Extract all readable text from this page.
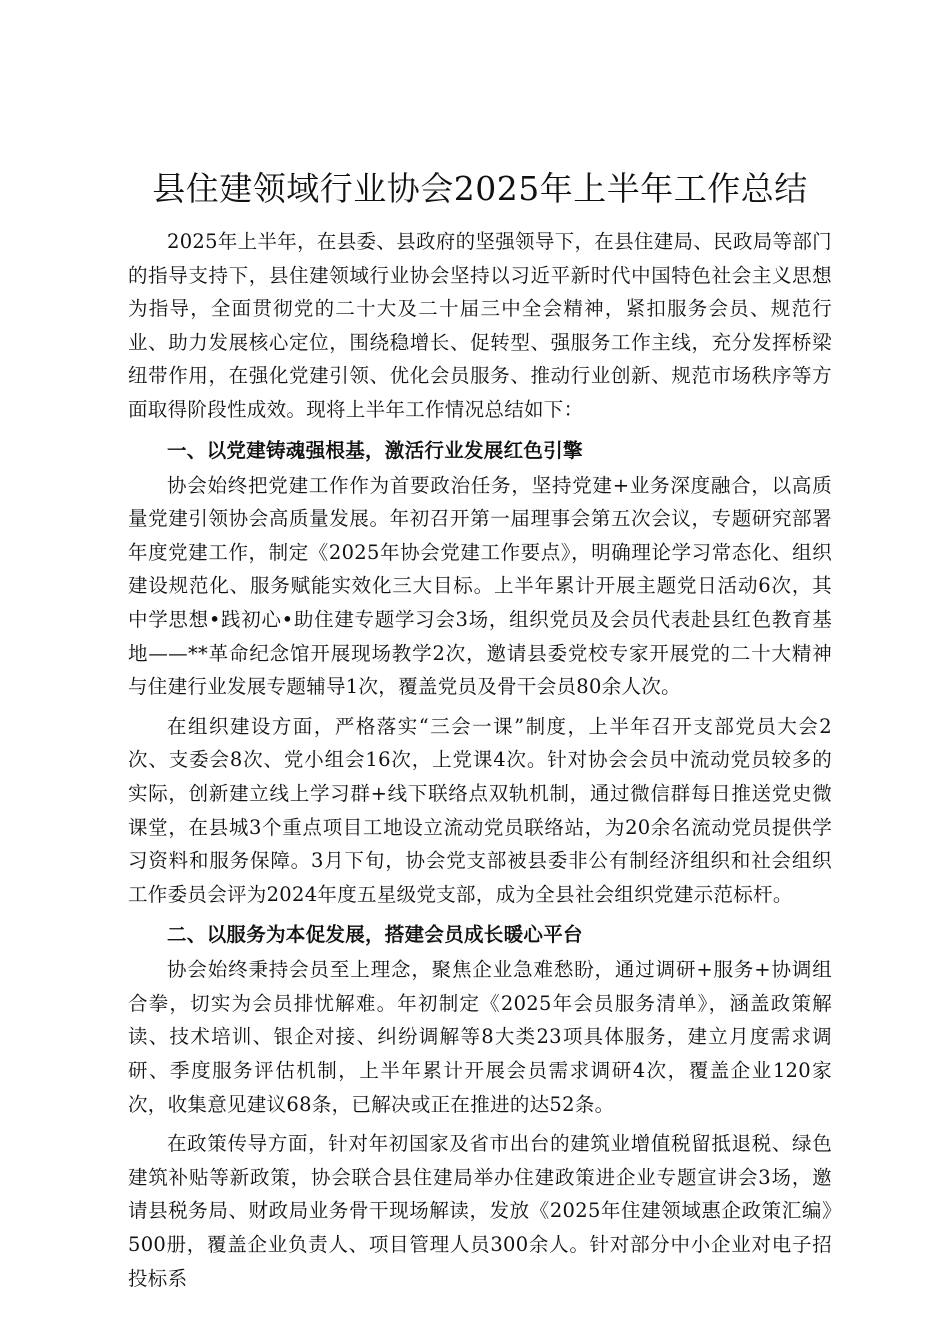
县住建领域行业协会2025年上半年工作总结

2025年上半年，在县委、县政府的坚强领导下，在县住建局、民政局等部门的指导支持下，县住建领域行业协会坚持以习近平新时代中国特色社会主义思想为指导，全面贯彻党的二十大及二十届三中全会精神，紧扣服务会员、规范行业、助力发展核心定位，围绕稳增长、促转型、强服务工作主线，充分发挥桥梁纽带作用，在强化党建引领、优化会员服务、推动行业创新、规范市场秩序等方面取得阶段性成效。现将上半年工作情况总结如下：

一、以党建铸魂强根基，激活行业发展红色引擎

协会始终把党建工作作为首要政治任务，坚持党建+业务深度融合，以高质量党建引领协会高质量发展。年初召开第一届理事会第五次会议，专题研究部署年度党建工作，制定《2025年协会党建工作要点》，明确理论学习常态化、组织建设规范化、服务赋能实效化三大目标。上半年累计开展主题党日活动6次，其中学思想•践初心•助住建专题学习会3场，组织党员及会员代表赴县红色教育基地——**革命纪念馆开展现场教学2次，邀请县委党校专家开展党的二十大精神与住建行业发展专题辅导1次，覆盖党员及骨干会员80余人次。

在组织建设方面，严格落实“三会一课”制度，上半年召开支部党员大会2次、支委会8次、党小组会16次，上党课4次。针对协会会员中流动党员较多的实际，创新建立线上学习群+线下联络点双轨机制，通过微信群每日推送党史微课堂，在县城3个重点项目工地设立流动党员联络站，为20余名流动党员提供学习资料和服务保障。3月下旬，协会党支部被县委非公有制经济组织和社会组织工作委员会评为2024年度五星级党支部，成为全县社会组织党建示范标杆。

二、以服务为本促发展，搭建会员成长暖心平台

协会始终秉持会员至上理念，聚焦企业急难愁盼，通过调研+服务+协调组合拳，切实为会员排忧解难。年初制定《2025年会员服务清单》，涵盖政策解读、技术培训、银企对接、纠纷调解等8大类23项具体服务，建立月度需求调研、季度服务评估机制，上半年累计开展会员需求调研4次，覆盖企业120家次，收集意见建议68条，已解决或正在推进的达52条。

在政策传导方面，针对年初国家及省市出台的建筑业增值税留抵退税、绿色建筑补贴等新政策，协会联合县住建局举办住建政策进企业专题宣讲会3场，邀请县税务局、财政局业务骨干现场解读，发放《2025年住建领域惠企政策汇编》500册，覆盖企业负责人、项目管理人员300余人。针对部分中小企业对电子招投标系
